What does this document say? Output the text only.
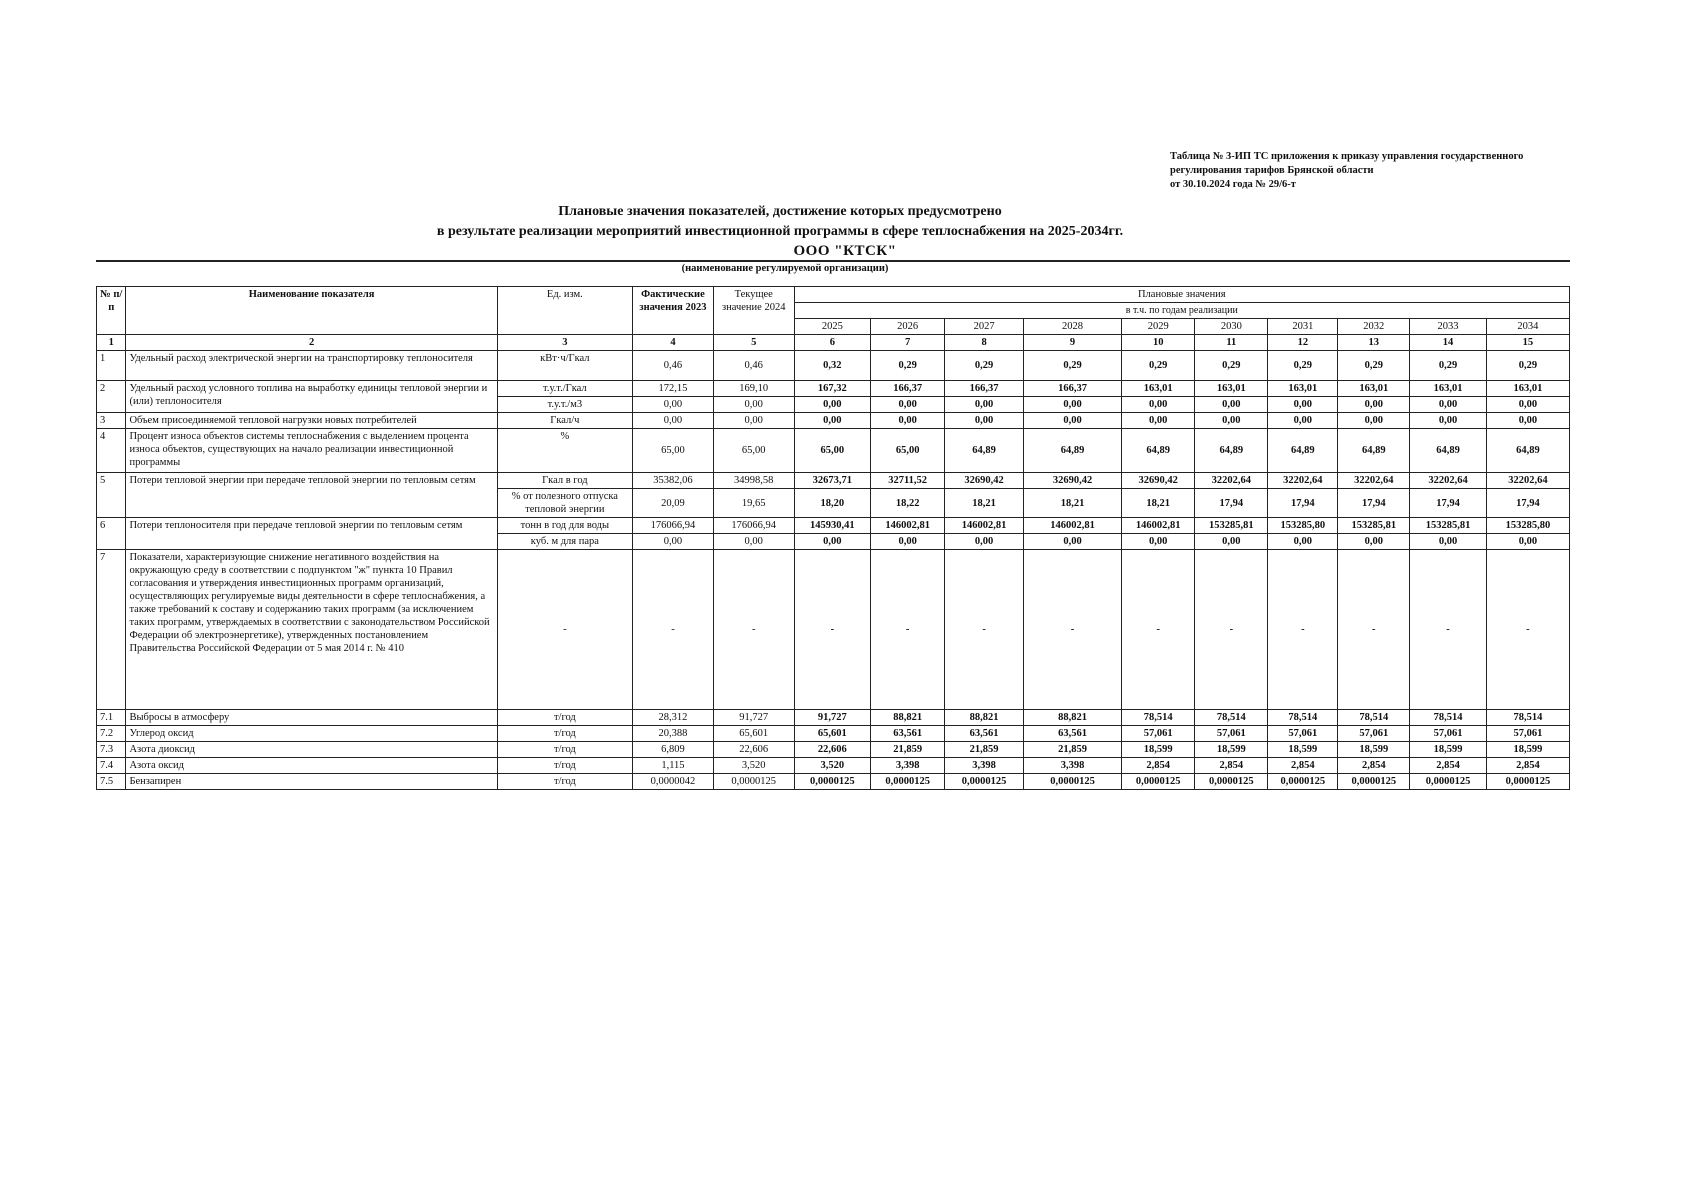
Таблица № 3-ИП ТС приложения к приказу управления государственного
регулирования тарифов Брянской области
от 30.10.2024 года № 29/6-т
Плановые значения показателей, достижение которых предусмотрено
в результате реализации мероприятий инвестиционной программы в сфере теплоснабжения на 2025-2034гг.
ООО "КТСК"
(наименование регулируемой организации)
№ п/п	Наименование показателя	Ед. изм.	Фактические значения 2023	Текущее значение 2024	Плановые значения									
					в т.ч. по годам реализации									
					2025	2026	2027	2028	2029	2030	2031	2032	2033	2034
1	2	3	4	5	6	7	8	9	10	11	12	13	14	15
1	Удельный расход электрической энергии на транспортировку теплоносителя	кВт·ч/Гкал	0,46	0,46	0,32	0,29	0,29	0,29	0,29	0,29	0,29	0,29	0,29	0,29
2	Удельный расход условного топлива на выработку единицы тепловой энергии и (или) теплоносителя	т.у.т./Гкал	172,15	169,10	167,32	166,37	166,37	166,37	163,01	163,01	163,01	163,01	163,01	163,01
		т.у.т./м3	0,00	0,00	0,00	0,00	0,00	0,00	0,00	0,00	0,00	0,00	0,00	0,00
3	Объем присоединяемой тепловой нагрузки новых потребителей	Гкал/ч	0,00	0,00	0,00	0,00	0,00	0,00	0,00	0,00	0,00	0,00	0,00	0,00
4	Процент износа объектов системы теплоснабжения с выделением процента износа объектов, существующих на начало реализации инвестиционной программы	%	65,00	65,00	65,00	65,00	64,89	64,89	64,89	64,89	64,89	64,89	64,89	64,89
5	Потери тепловой энергии при передаче тепловой энергии по тепловым сетям	Гкал в год	35382,06	34998,58	32673,71	32711,52	32690,42	32690,42	32690,42	32202,64	32202,64	32202,64	32202,64	32202,64
		% от полезного отпуска тепловой энергии	20,09	19,65	18,20	18,22	18,21	18,21	18,21	17,94	17,94	17,94	17,94	17,94
6	Потери теплоносителя при передаче тепловой энергии по тепловым сетям	тонн в год для воды	176066,94	176066,94	145930,41	146002,81	146002,81	146002,81	146002,81	153285,81	153285,80	153285,81	153285,81	153285,80
		куб. м для пара	0,00	0,00	0,00	0,00	0,00	0,00	0,00	0,00	0,00	0,00	0,00	0,00
7	Показатели, характеризующие снижение негативного воздействия на окружающую среду в соответствии с подпунктом "ж" пункта 10 Правил согласования и утверждения инвестиционных программ организаций, осуществляющих регулируемые виды деятельности в сфере теплоснабжения, а также требований к составу и содержанию таких программ (за исключением таких программ, утверждаемых в соответствии с законодательством Российской Федерации об электроэнергетике), утвержденных постановлением Правительства Российской Федерации от 5 мая 2014 г. № 410	-	-	-	-	-	-	-	-	-	-	-	-	-
7.1	Выбросы в атмосферу	т/год	28,312	91,727	91,727	88,821	88,821	88,821	78,514	78,514	78,514	78,514	78,514	78,514
7.2	Углерод оксид	т/год	20,388	65,601	65,601	63,561	63,561	63,561	57,061	57,061	57,061	57,061	57,061	57,061
7.3	Азота диоксид	т/год	6,809	22,606	22,606	21,859	21,859	21,859	18,599	18,599	18,599	18,599	18,599	18,599
7.4	Азота оксид	т/год	1,115	3,520	3,520	3,398	3,398	3,398	2,854	2,854	2,854	2,854	2,854	2,854
7.5	Бензапирен	т/год	0,0000042	0,0000125	0,0000125	0,0000125	0,0000125	0,0000125	0,0000125	0,0000125	0,0000125	0,0000125	0,0000125	0,0000125
